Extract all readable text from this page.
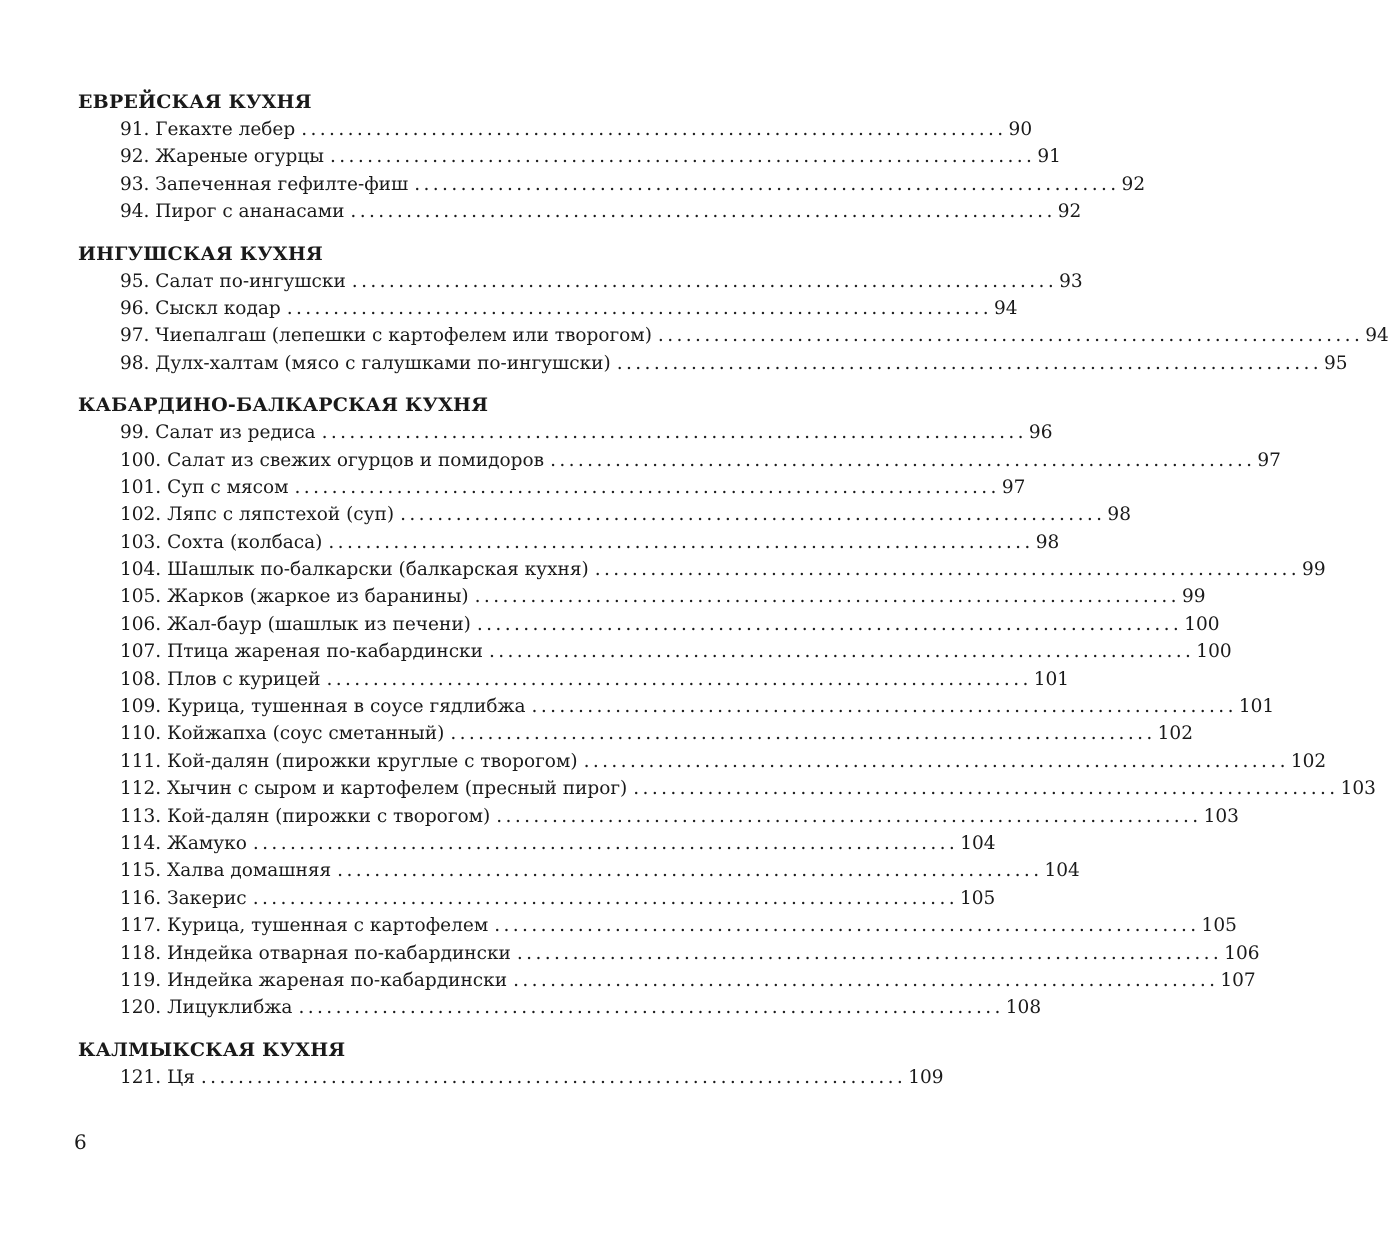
ЕВРЕЙСКАЯ КУХНЯ
91. Гекахте лебер ............................................................................ 90
92. Жареные огурцы ............................................................................ 91
93. Запеченная гефилте-фиш ............................................................................ 92
94. Пирог с ананасами ............................................................................ 92
ИНГУШСКАЯ КУХНЯ
95. Салат по-ингушски ............................................................................ 93
96. Сыскл кодар ............................................................................ 94
97. Чиепалгаш (лепешки с картофелем или творогом) ............................................................................ 94
98. Дулх-халтам (мясо с галушками по-ингушски) ............................................................................ 95
КАБАРДИНО-БАЛКАРСКАЯ КУХНЯ
99. Салат из редиса ............................................................................ 96
100. Салат из свежих огурцов и помидоров ............................................................................ 97
101. Суп с мясом ............................................................................ 97
102. Ляпс с ляпстехой (суп) ............................................................................ 98
103. Сохта (колбаса) ............................................................................ 98
104. Шашлык по-балкарски (балкарская кухня) ............................................................................ 99
105. Жарков (жаркое из баранины) ............................................................................ 99
106. Жал-баур (шашлык из печени) ............................................................................ 100
107. Птица жареная по-кабардински ............................................................................ 100
108. Плов с курицей ............................................................................ 101
109. Курица, тушенная в соусе гядлибжа ............................................................................ 101
110. Койжапха (соус сметанный) ............................................................................ 102
111. Кой-далян (пирожки круглые с творогом) ............................................................................ 102
112. Хычин с сыром и картофелем (пресный пирог) ............................................................................ 103
113. Кой-далян (пирожки с творогом) ............................................................................ 103
114. Жамуко ............................................................................ 104
115. Халва домашняя ............................................................................ 104
116. Закерис ............................................................................ 105
117. Курица, тушенная с картофелем ............................................................................ 105
118. Индейка отварная по-кабардински ............................................................................ 106
119. Индейка жареная по-кабардински ............................................................................ 107
120. Лицуклибжа ............................................................................ 108
КАЛМЫКСКАЯ КУХНЯ
121. Ця ............................................................................ 109
6
